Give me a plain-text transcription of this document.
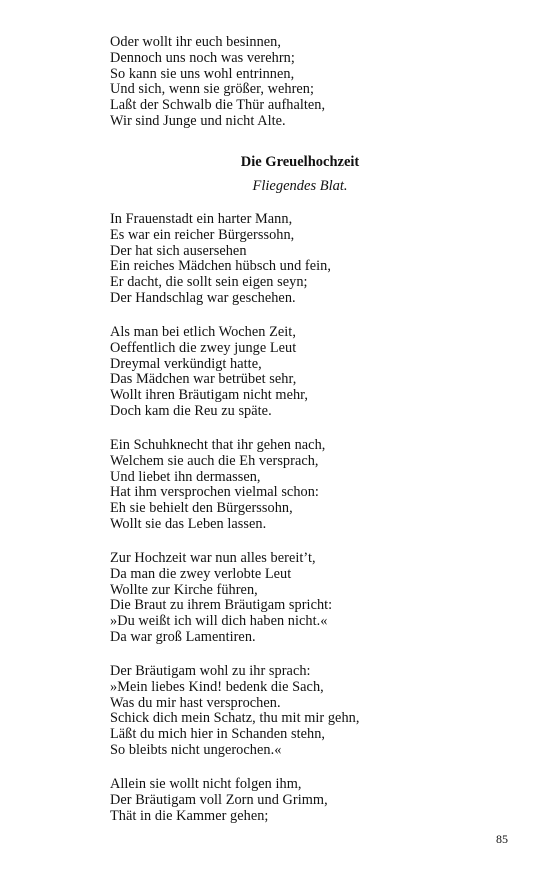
Oder wollt ihr euch besinnen,
Dennoch uns noch was verehrn;
So kann sie uns wohl entrinnen,
Und sich, wenn sie größer, wehren;
Laßt der Schwalb die Thür aufhalten,
Wir sind Junge und nicht Alte.
Die Greuelhochzeit
Fliegendes Blat.
In Frauenstadt ein harter Mann,
Es war ein reicher Bürgerssohn,
Der hat sich ausersehen
Ein reiches Mädchen hübsch und fein,
Er dacht, die sollt sein eigen seyn;
Der Handschlag war geschehen.
Als man bei etlich Wochen Zeit,
Oeffentlich die zwey junge Leut
Dreymal verkündigt hatte,
Das Mädchen war betrübet sehr,
Wollt ihren Bräutigam nicht mehr,
Doch kam die Reu zu späte.
Ein Schuhknecht that ihr gehen nach,
Welchem sie auch die Eh versprach,
Und liebet ihn dermassen,
Hat ihm versprochen vielmal schon:
Eh sie behielt den Bürgerssohn,
Wollt sie das Leben lassen.
Zur Hochzeit war nun alles bereit’t,
Da man die zwey verlobte Leut
Wollte zur Kirche führen,
Die Braut zu ihrem Bräutigam spricht:
»Du weißt ich will dich haben nicht.«
Da war groß Lamentiren.
Der Bräutigam wohl zu ihr sprach:
»Mein liebes Kind! bedenk die Sach,
Was du mir hast versprochen.
Schick dich mein Schatz, thu mit mir gehn,
Läßt du mich hier in Schanden stehn,
So bleibts nicht ungerochen.«
Allein sie wollt nicht folgen ihm,
Der Bräutigam voll Zorn und Grimm,
Thät in die Kammer gehen;
85
